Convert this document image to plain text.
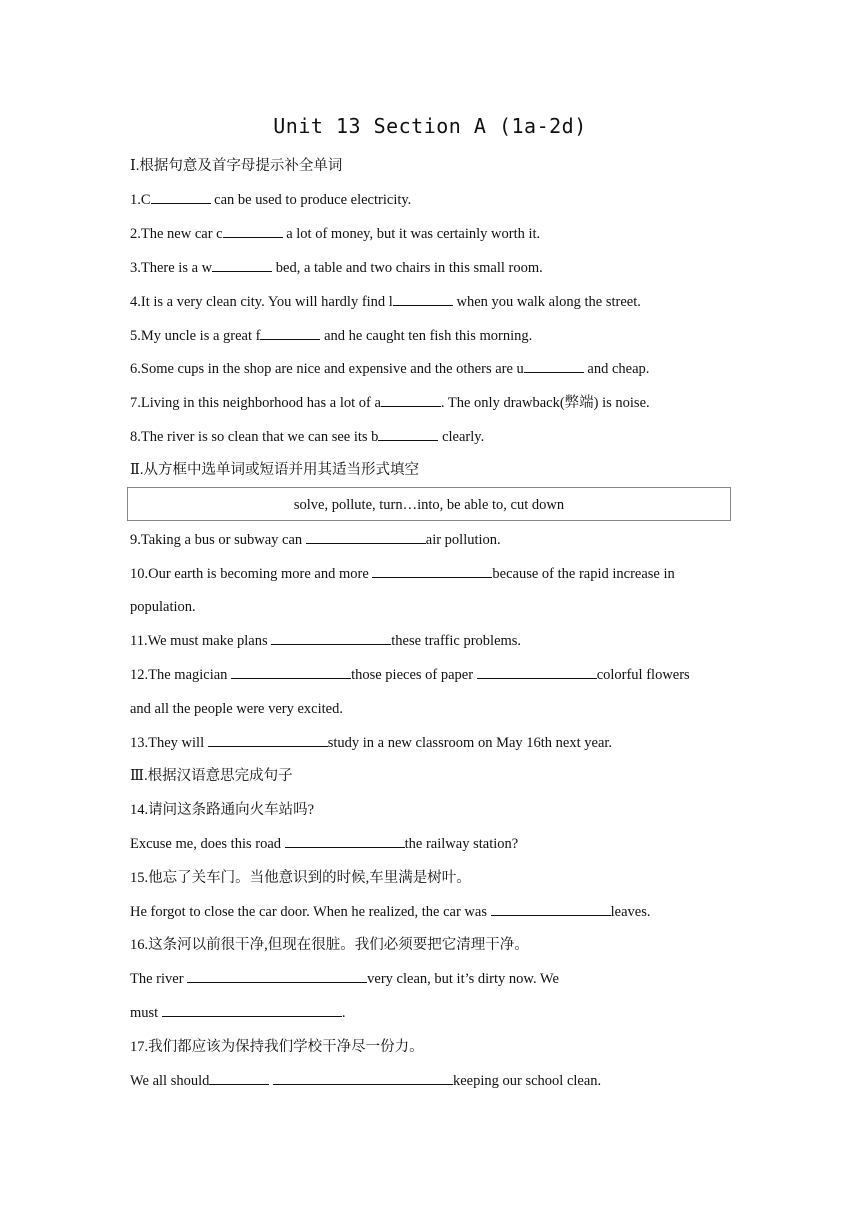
Unit 13 Section A (1a-2d)
Ⅰ.根据句意及首字母提示补全单词
1.C	can be used to produce electricity.
2.The new car c	a lot of money, but it was certainly worth it.
3.There is a w	bed, a table and two chairs in this small room.
4.It is a very clean city. You will hardly find l	when you walk along the street.
5.My uncle is a great f	and he caught ten fish this morning.
6.Some cups in the shop are nice and expensive and the others are u	and cheap.
7.Living in this neighborhood has a lot of a	. The only drawback(弊端) is noise.
8.The river is so clean that we can see its b	clearly.
Ⅱ.从方框中选单词或短语并用其适当形式填空
solve, pollute, turn…into, be able to, cut down
9.Taking a bus or subway can	air pollution.
10.Our earth is becoming more and more	because of the rapid increase in
population.
11.We must make plans	these traffic problems.
12.The magician	those pieces of paper	colorful flowers
and all the people were very excited.
13.They will	study in a new classroom on May 16th next year.
Ⅲ.根据汉语意思完成句子
14.请问这条路通向火车站吗?
Excuse me, does this road	the railway station?
15.他忘了关车门。当他意识到的时候,车里满是树叶。
He forgot to close the car door. When he realized, the car was	leaves.
16.这条河以前很干净,但现在很脏。我们必须要把它清理干净。
The river	very clean, but it’s dirty now. We
must	.
17.我们都应该为保持我们学校干净尽一份力。
We all should	keeping our school clean.
